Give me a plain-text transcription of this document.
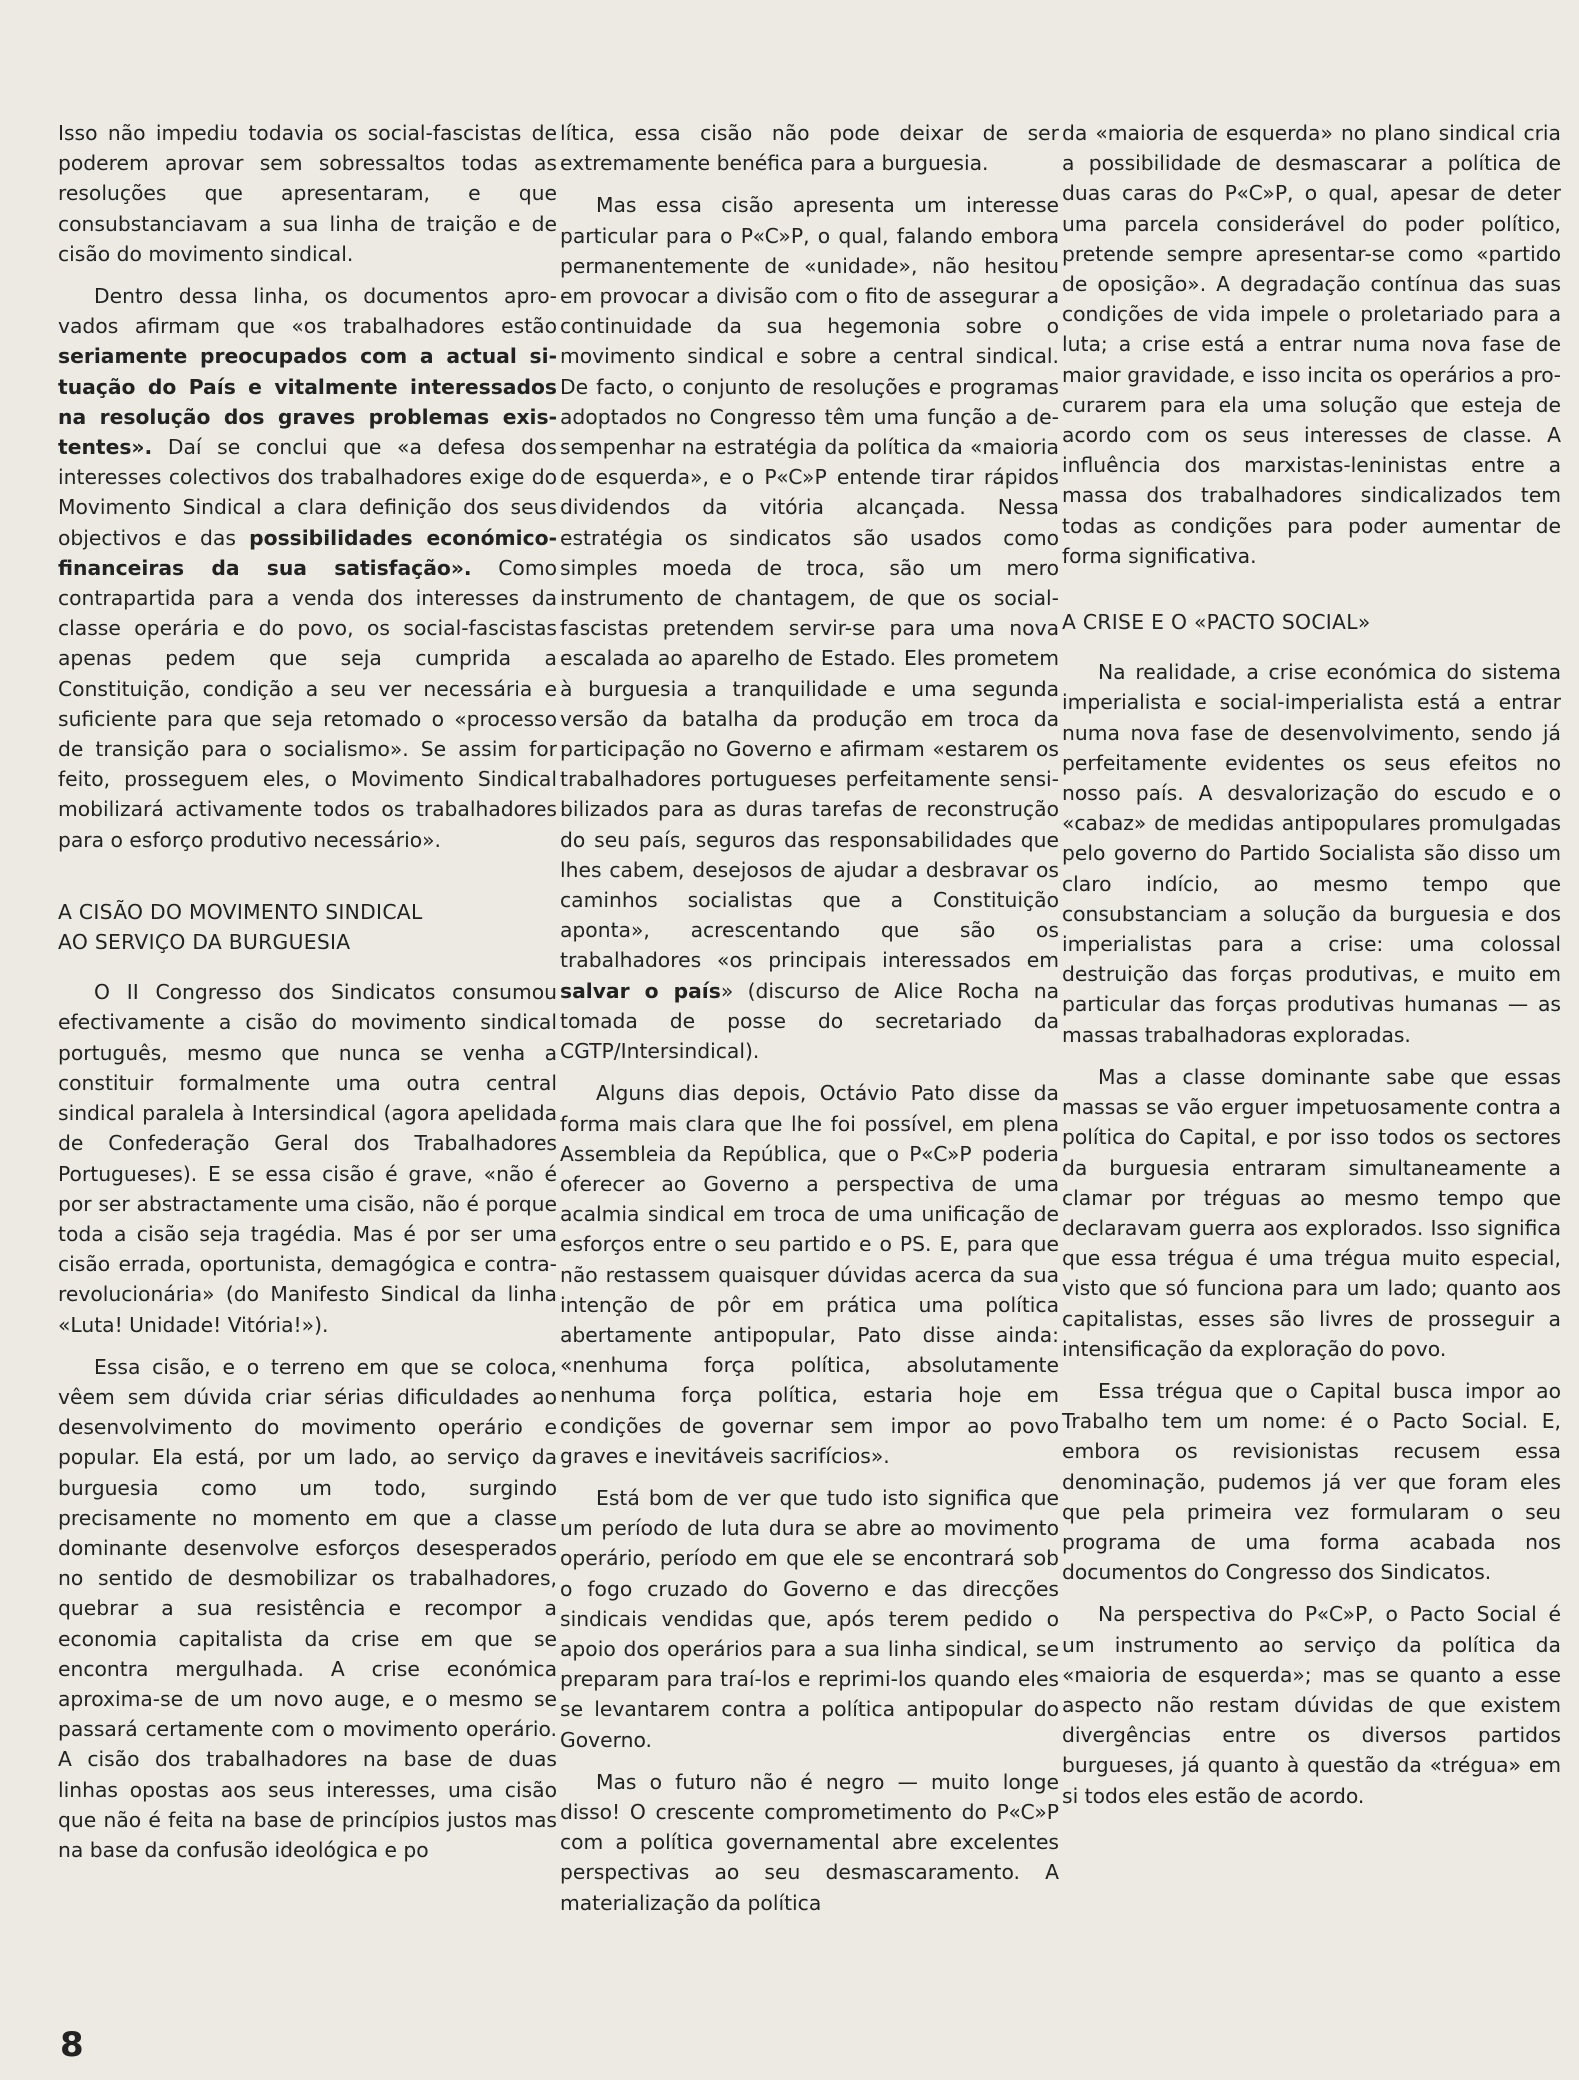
Isso não impediu todavia os social-fascistas de poderem aprovar sem sobressaltos todas as resoluções que apresentaram, e que consubstanciavam a sua linha de traição e de cisão do movimento sindical.

Dentro dessa linha, os documentos aprovados afirmam que «os trabalhadores estão seriamente preocupados com a actual situação do País e vitalmente interessados na resolução dos graves problemas existentes». Daí se conclui que «a defesa dos interesses colectivos dos trabalhadores exige do Movimento Sindical a clara definição dos seus objectivos e das possibilidades económico-financeiras da sua satisfação». Como contrapartida para a venda dos interesses da classe operária e do povo, os social-fascistas apenas pedem que seja cumprida a Constituição, condição a seu ver necessária e suficiente para que seja retomado o «processo de transição para o socialismo». Se assim for feito, prosseguem eles, o Movimento Sindical mobilizará activamente todos os trabalhadores para o esforço produtivo necessário».

A CISÃO DO MOVIMENTO SINDICAL
AO SERVIÇO DA BURGUESIA

O II Congresso dos Sindicatos consumou efectivamente a cisão do movimento sindical português, mesmo que nunca se venha a constituir formalmente uma outra central sindical paralela à Intersindical (agora apelidada de Confederação Geral dos Trabalhadores Portugueses). E se essa cisão é grave, «não é por ser abstractamente uma cisão, não é porque toda a cisão seja tragédia. Mas é por ser uma cisão errada, oportunista, demagógica e contra-revolucionária» (do Manifesto Sindical da linha «Luta! Unidade! Vitória!»).

Essa cisão, e o terreno em que se coloca, vêem sem dúvida criar sérias dificuldades ao desenvolvimento do movimento operário e popular. Ela está, por um lado, ao serviço da burguesia como um todo, surgindo precisamente no momento em que a classe dominante desenvolve esforços desesperados no sentido de desmobilizar os trabalhadores, quebrar a sua resistência e recompor a economia capitalista da crise em que se encontra mergulhada. A crise económica aproxima-se de um novo auge, e o mesmo se passará certamente com o movimento operário. A cisão dos trabalhadores na base de duas linhas opostas aos seus interesses, uma cisão que não é feita na base de princípios justos mas na base da confusão ideológica e po

lítica, essa cisão não pode deixar de ser extremamente benéfica para a burguesia.

Mas essa cisão apresenta um interesse particular para o P«C»P, o qual, falando embora permanentemente de «unidade», não hesitou em provocar a divisão com o fito de assegurar a continuidade da sua hegemonia sobre o movimento sindical e sobre a central sindical. De facto, o conjunto de resoluções e programas adoptados no Congresso têm uma função a desempenhar na estratégia da política da «maioria de esquerda», e o P«C»P entende tirar rápidos dividendos da vitória alcançada. Nessa estratégia os sindicatos são usados como simples moeda de troca, são um mero instrumento de chantagem, de que os social-fascistas pretendem servir-se para uma nova escalada ao aparelho de Estado. Eles prometem à burguesia a tranquilidade e uma segunda versão da batalha da produção em troca da participação no Governo e afirmam «estarem os trabalhadores portugueses perfeitamente sensibilizados para as duras tarefas de reconstrução do seu país, seguros das responsabilidades que lhes cabem, desejosos de ajudar a desbravar os caminhos socialistas que a Constituição aponta», acrescentando que são os trabalhadores «os principais interessados em salvar o país» (discurso de Alice Rocha na tomada de posse do secretariado da CGTP/Intersindical).

Alguns dias depois, Octávio Pato disse da forma mais clara que lhe foi possível, em plena Assembleia da República, que o P«C»P poderia oferecer ao Governo a perspectiva de uma acalmia sindical em troca de uma unificação de esforços entre o seu partido e o PS. E, para que não restassem quaisquer dúvidas acerca da sua intenção de pôr em prática uma política abertamente antipopular, Pato disse ainda: «nenhuma força política, absolutamente nenhuma força política, estaria hoje em condições de governar sem impor ao povo graves e inevitáveis sacrifícios».

Está bom de ver que tudo isto significa que um período de luta dura se abre ao movimento operário, período em que ele se encontrará sob o fogo cruzado do Governo e das direcções sindicais vendidas que, após terem pedido o apoio dos operários para a sua linha sindical, se preparam para traí-los e reprimi-los quando eles se levantarem contra a política antipopular do Governo.

Mas o futuro não é negro — muito longe disso! O crescente comprometimento do P«C»P com a política governamental abre excelentes perspectivas ao seu desmascaramento. A materialização da política

da «maioria de esquerda» no plano sindical cria a possibilidade de desmascarar a política de duas caras do P«C»P, o qual, apesar de deter uma parcela considerável do poder político, pretende sempre apresentar-se como «partido de oposição». A degradação contínua das suas condições de vida impele o proletariado para a luta; a crise está a entrar numa nova fase de maior gravidade, e isso incita os operários a procurarem para ela uma solução que esteja de acordo com os seus interesses de classe. A influência dos marxistas-leninistas entre a massa dos trabalhadores sindicalizados tem todas as condições para poder aumentar de forma significativa.

A CRISE E O «PACTO SOCIAL»

Na realidade, a crise económica do sistema imperialista e social-imperialista está a entrar numa nova fase de desenvolvimento, sendo já perfeitamente evidentes os seus efeitos no nosso país. A desvalorização do escudo e o «cabaz» de medidas antipopulares promulgadas pelo governo do Partido Socialista são disso um claro indício, ao mesmo tempo que consubstanciam a solução da burguesia e dos imperialistas para a crise: uma colossal destruição das forças produtivas, e muito em particular das forças produtivas humanas — as massas trabalhadoras exploradas.

Mas a classe dominante sabe que essas massas se vão erguer impetuosamente contra a política do Capital, e por isso todos os sectores da burguesia entraram simultaneamente a clamar por tréguas ao mesmo tempo que declaravam guerra aos explorados. Isso significa que essa trégua é uma trégua muito especial, visto que só funciona para um lado; quanto aos capitalistas, esses são livres de prosseguir a intensificação da exploração do povo.

Essa trégua que o Capital busca impor ao Trabalho tem um nome: é o Pacto Social. E, embora os revisionistas recusem essa denominação, pudemos já ver que foram eles que pela primeira vez formularam o seu programa de uma forma acabada nos documentos do Congresso dos Sindicatos.

Na perspectiva do P«C»P, o Pacto Social é um instrumento ao serviço da política da «maioria de esquerda»; mas se quanto a esse aspecto não restam dúvidas de que existem divergências entre os diversos partidos burgueses, já quanto à questão da «trégua» em si todos eles estão de acordo.

8
